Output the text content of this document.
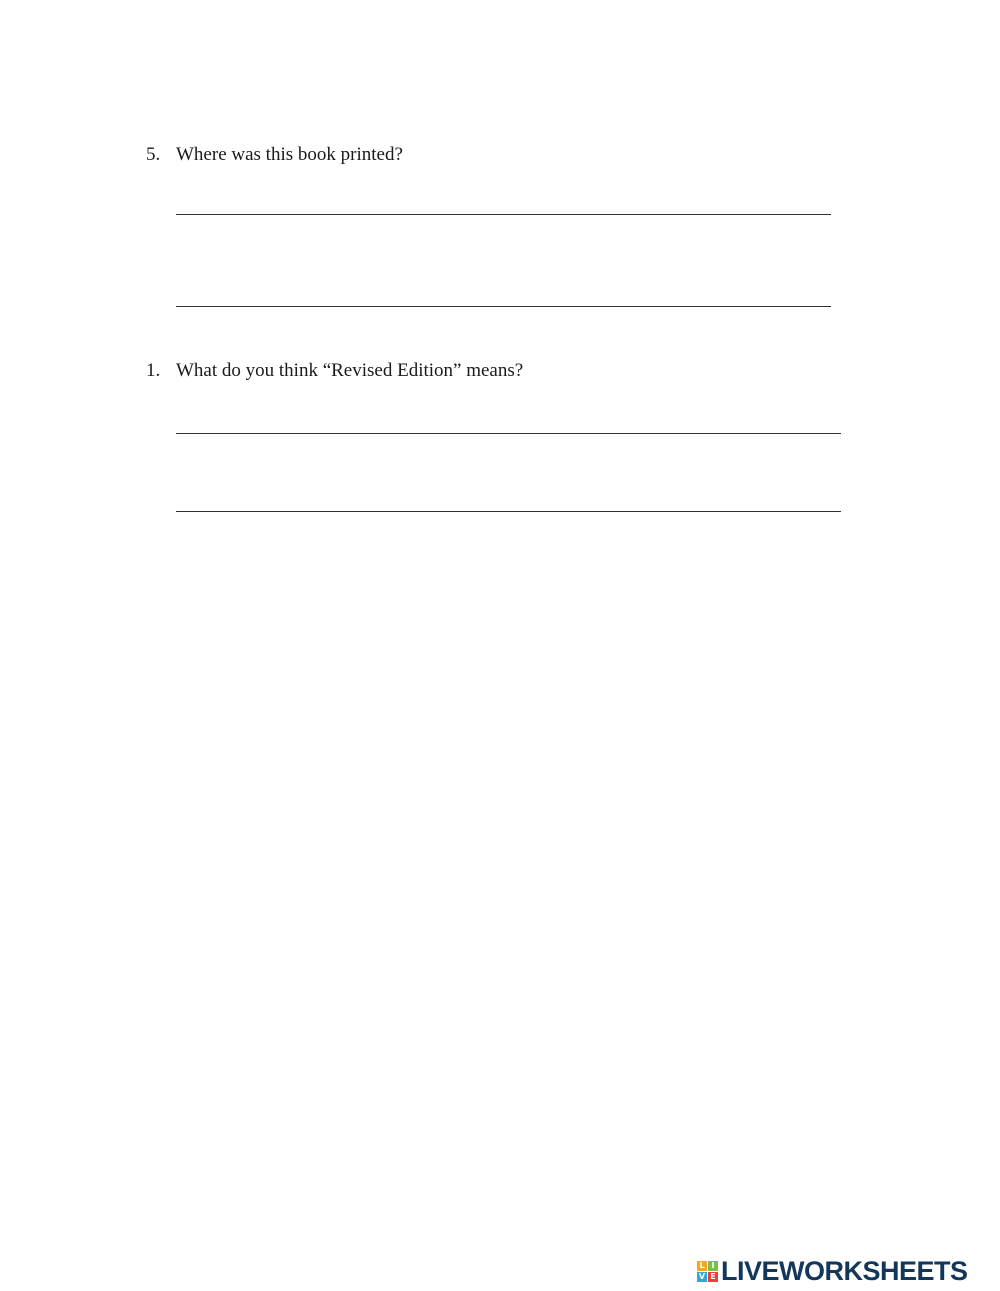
5. Where was this book printed?
1. What do you think “Revised Edition” means?
L I
V E LIVEWORKSHEETS
